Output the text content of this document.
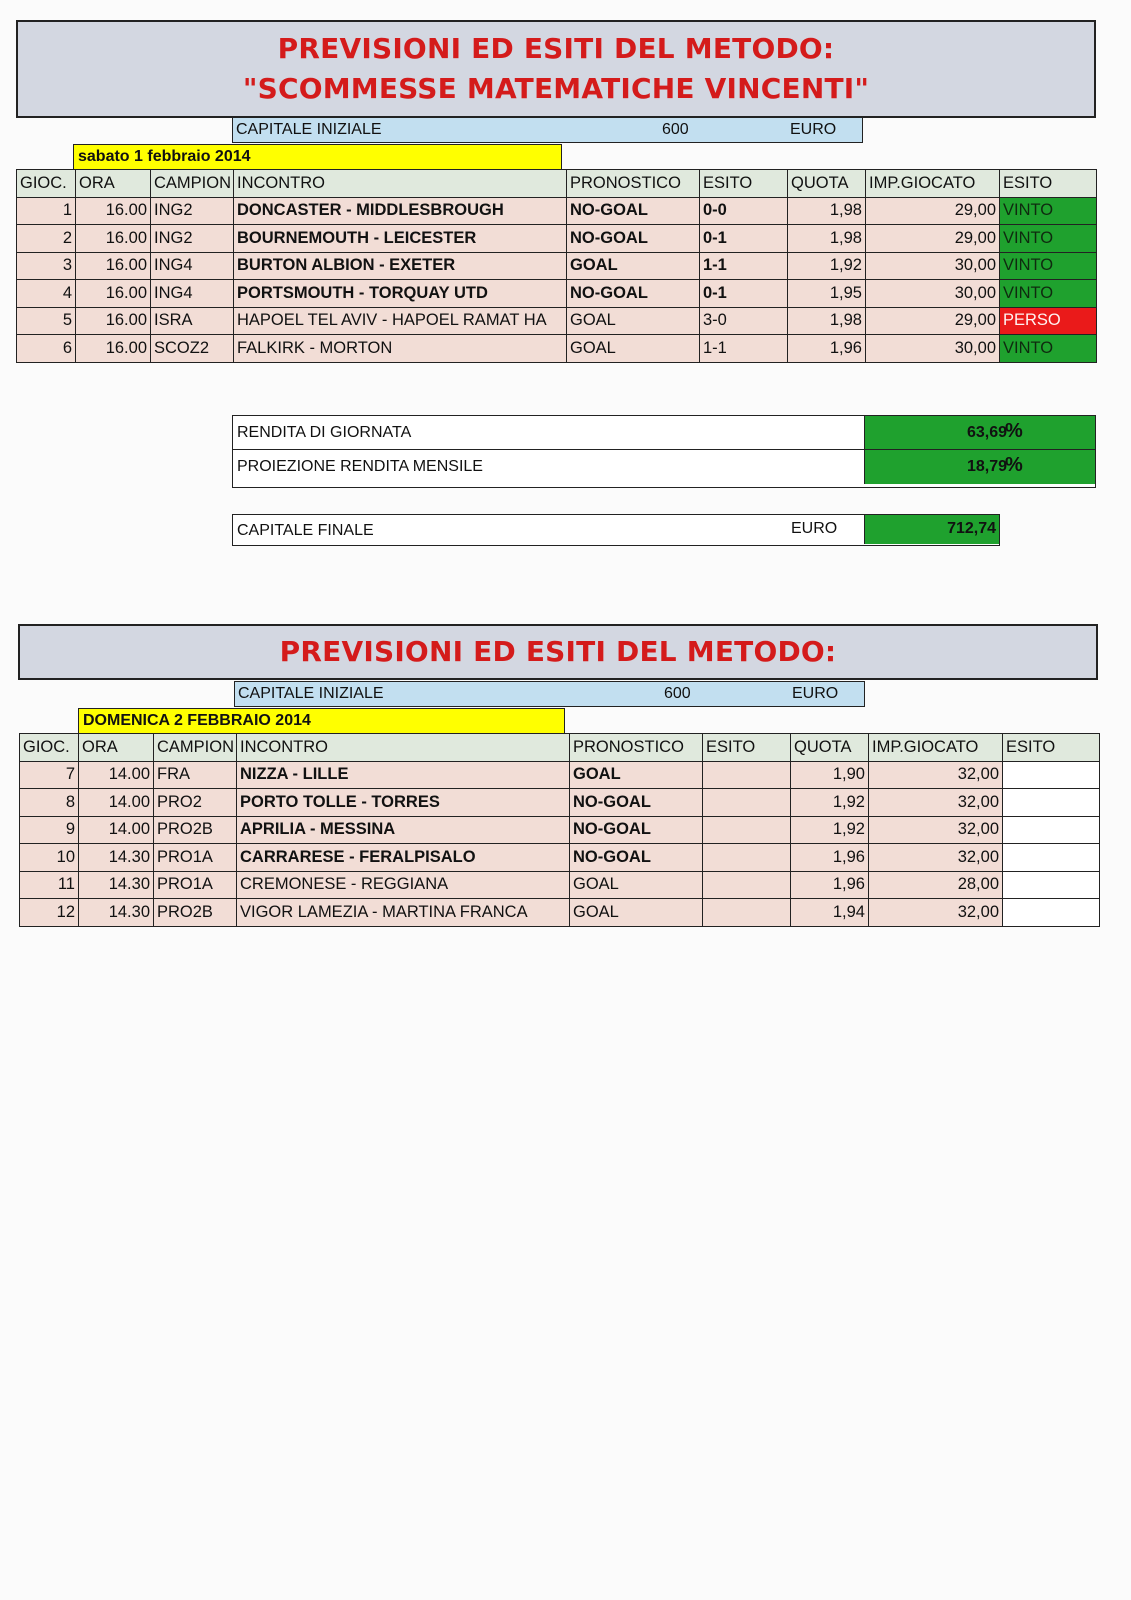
PREVISIONI ED ESITI DEL METODO:
"SCOMMESSE MATEMATICHE VINCENTI"
CAPITALE INIZIALE	600	EURO
sabato 1 febbraio 2014
GIOC.	ORA	CAMPION	INCONTRO	PRONOSTICO	ESITO	QUOTA	IMP.GIOCATO	ESITO
1	16.00	ING2	DONCASTER - MIDDLESBROUGH	NO-GOAL	0-0	1,98	29,00	VINTO
2	16.00	ING2	BOURNEMOUTH - LEICESTER	NO-GOAL	0-1	1,98	29,00	VINTO
3	16.00	ING4	BURTON ALBION - EXETER	GOAL	1-1	1,92	30,00	VINTO
4	16.00	ING4	PORTSMOUTH - TORQUAY UTD	NO-GOAL	0-1	1,95	30,00	VINTO
5	16.00	ISRA	HAPOEL TEL AVIV - HAPOEL RAMAT HA	GOAL	3-0	1,98	29,00	PERSO
6	16.00	SCOZ2	FALKIRK - MORTON	GOAL	1-1	1,96	30,00	VINTO
RENDITA DI GIORNATA	63,69
%
PROIEZIONE RENDITA MENSILE	18,79
%
CAPITALE FINALE	EURO	712,74
PREVISIONI ED ESITI DEL METODO:
CAPITALE INIZIALE	600	EURO
DOMENICA 2 FEBBRAIO 2014
GIOC.	ORA	CAMPION	INCONTRO	PRONOSTICO	ESITO	QUOTA	IMP.GIOCATO	ESITO
7	14.00	FRA	NIZZA - LILLE	GOAL		1,90	32,00	
8	14.00	PRO2	PORTO TOLLE - TORRES	NO-GOAL		1,92	32,00	
9	14.00	PRO2B	APRILIA - MESSINA	NO-GOAL		1,92	32,00	
10	14.30	PRO1A	CARRARESE - FERALPISALO	NO-GOAL		1,96	32,00	
11	14.30	PRO1A	CREMONESE - REGGIANA	GOAL		1,96	28,00	
12	14.30	PRO2B	VIGOR LAMEZIA - MARTINA FRANCA	GOAL		1,94	32,00	
